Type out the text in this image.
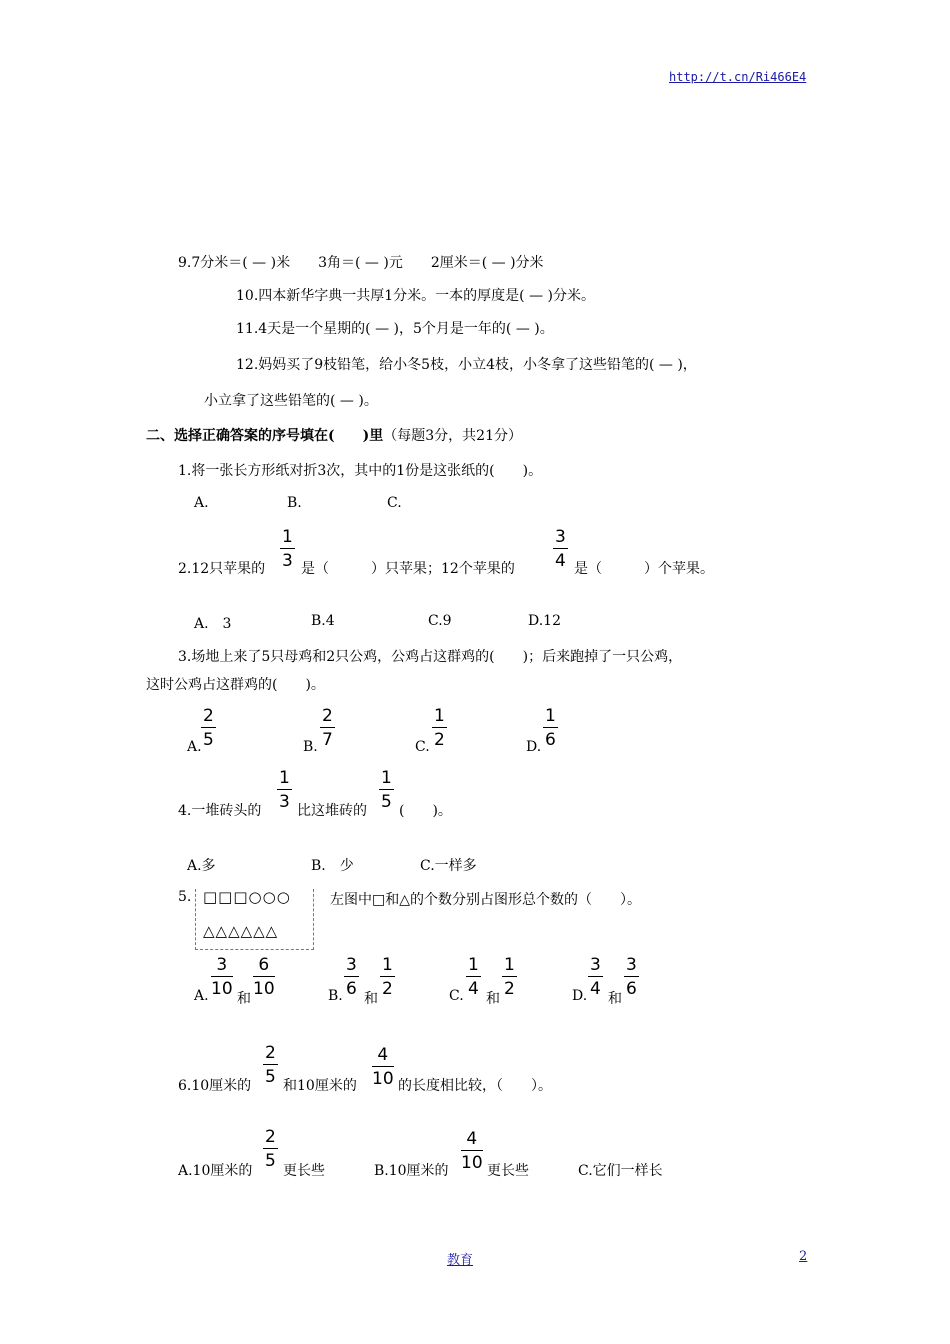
http://t.cn/Ri466E4
9.7分米＝( — )米　　3角＝( — )元　　2厘米＝( — )分米
10.四本新华字典一共厚1分米。一本的厚度是( — )分米。
11.4天是一个星期的( — )，5个月是一年的( — )。
12.妈妈买了9枝铅笔，给小冬5枝，小立4枝，小冬拿了这些铅笔的( — )，
小立拿了这些铅笔的( — )。
二、选择正确答案的序号填在(　　)里（每题3分，共21分）
1.将一张长方形纸对折3次，其中的1份是这张纸的(　　)。
A.	B.	C.
2.12只苹果的 $\frac{1}{3}$ 是（　　　）只苹果；12个苹果的 $\frac{3}{4}$ 是（　　　）个苹果。
A.　3	B.4	C.9	D.12
3.场地上来了5只母鸡和2只公鸡，公鸡占这群鸡的(　　)；后来跑掉了一只公鸡，
这时公鸡占这群鸡的(　　)。
A. $\frac{2}{5}$	B. $\frac{2}{7}$	C. $\frac{1}{2}$	D. $\frac{1}{6}$
4.一堆砖头的 $\frac{1}{3}$ 比这堆砖的 $\frac{1}{5}$ (　　)。
A.多	B.　少	C.一样多
5. □□□○○○
△△△△△△
左图中□和△的个数分别占图形总个数的（　　）。
A. $\frac{3}{10}$ 和 $\frac{6}{10}$	B. $\frac{3}{6}$ 和 $\frac{1}{2}$	C. $\frac{1}{4}$ 和 $\frac{1}{2}$	D. $\frac{3}{4}$ 和 $\frac{3}{6}$
6.10厘米的 $\frac{2}{5}$ 和10厘米的 $\frac{4}{10}$ 的长度相比较，（　　）。
A.10厘米的 $\frac{2}{5}$ 更长些	B.10厘米的 $\frac{4}{10}$ 更长些	C.它们一样长
教育	2
